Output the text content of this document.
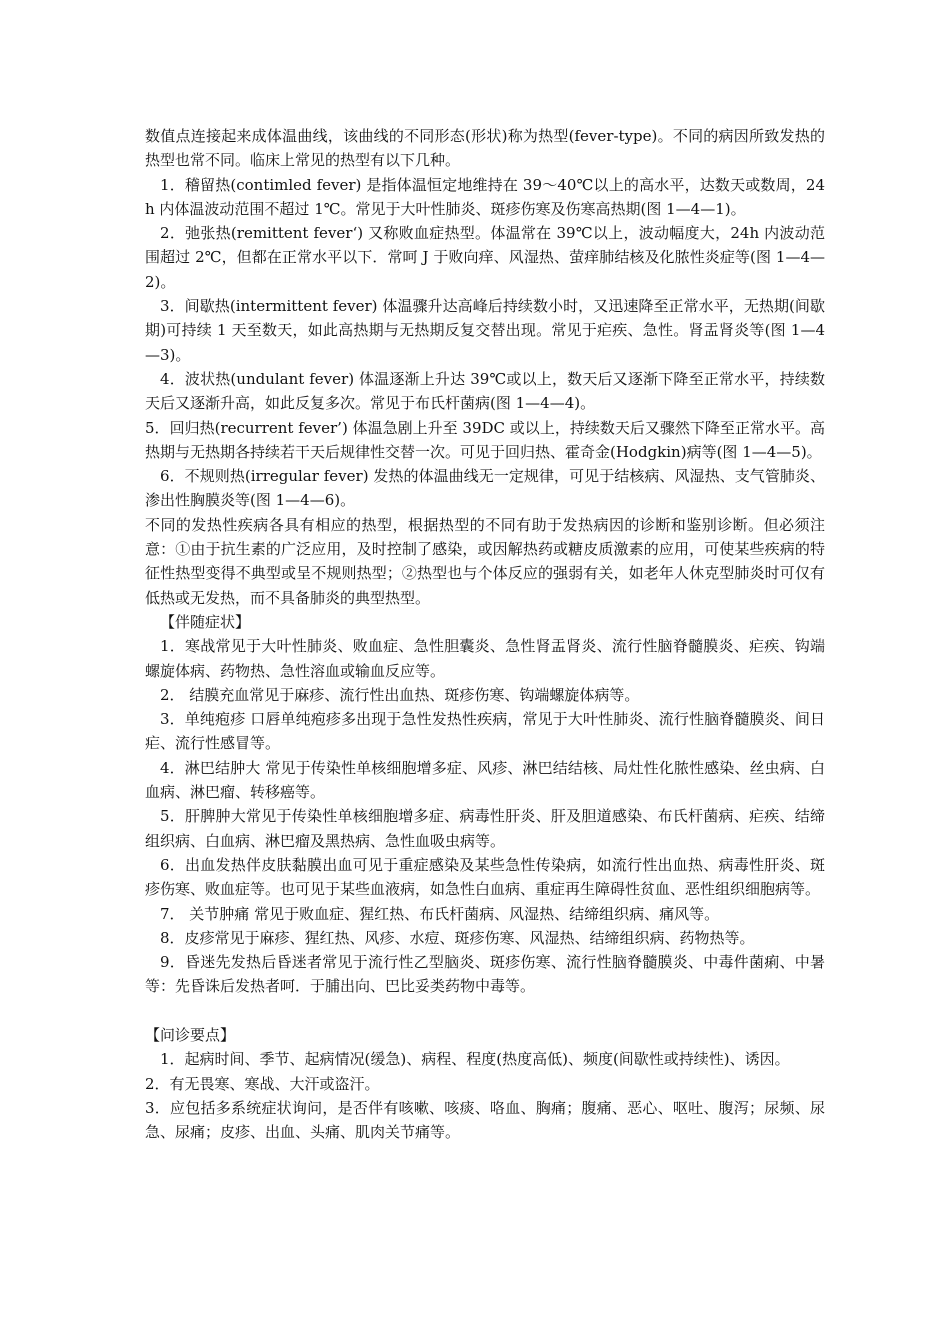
数值点连接起来成体温曲线，该曲线的不同形态(形状)称为热型(fever-type)。不同的病因所致发热的热型也常不同。临床上常见的热型有以下几种。

1．稽留热(contimled fever) 是指体温恒定地维持在 39～40℃以上的高水平，达数天或数周，24h 内体温波动范围不超过 1℃。常见于大叶性肺炎、斑疹伤寒及伤寒高热期(图 1—4—1)。

2．弛张热(remittent fever‘) 又称败血症热型。体温常在 39℃以上，波动幅度大，24h 内波动范围超过 2℃，但都在正常水平以下．常呵 J 于败向痒、风湿热、萤痒肺结核及化脓性炎症等(图 1—4—2)。

3．间歇热(intermittent fever) 体温骤升达高峰后持续数小时，又迅速降至正常水平，无热期(间歇期)可持续 1 天至数天，如此高热期与无热期反复交替出现。常见于疟疾、急性。肾盂肾炎等(图 1—4—3)。

4．波状热(undulant fever) 体温逐渐上升达 39℃或以上，数天后又逐渐下降至正常水平，持续数天后又逐渐升高，如此反复多次。常见于布氏杆菌病(图 1—4—4)。

5．回归热(recurrent fever’) 体温急剧上升至 39DC 或以上，持续数天后又骤然下降至正常水平。高热期与无热期各持续若干天后规律性交替一次。可见于回归热、霍奇金(Hodgkin)病等(图 1—4—5)。

6．不规则热(irregular fever) 发热的体温曲线无一定规律，可见于结核病、风湿热、支气管肺炎、渗出性胸膜炎等(图 1—4—6)。

不同的发热性疾病各具有相应的热型，根据热型的不同有助于发热病因的诊断和鉴别诊断。但必须注意：①由于抗生素的广泛应用，及时控制了感染，或因解热药或糖皮质激素的应用，可使某些疾病的特征性热型变得不典型或呈不规则热型；②热型也与个体反应的强弱有关，如老年人休克型肺炎时可仅有低热或无发热，而不具备肺炎的典型热型。

【伴随症状】

1．寒战常见于大叶性肺炎、败血症、急性胆囊炎、急性肾盂肾炎、流行性脑脊髓膜炎、疟疾、钩端螺旋体病、药物热、急性溶血或输血反应等。

2． 结膜充血常见于麻疹、流行性出血热、斑疹伤寒、钩端螺旋体病等。

3．单纯疱疹 口唇单纯疱疹多出现于急性发热性疾病，常见于大叶性肺炎、流行性脑脊髓膜炎、间日疟、流行性感冒等。

4．淋巴结肿大 常见于传染性单核细胞增多症、风疹、淋巴结结核、局灶性化脓性感染、丝虫病、白血病、淋巴瘤、转移癌等。

5．肝脾肿大常见于传染性单核细胞增多症、病毒性肝炎、肝及胆道感染、布氏杆菌病、疟疾、结缔组织病、白血病、淋巴瘤及黑热病、急性血吸虫病等。

6．出血发热伴皮肤黏膜出血可见于重症感染及某些急性传染病，如流行性出血热、病毒性肝炎、斑疹伤寒、败血症等。也可见于某些血液病，如急性白血病、重症再生障碍性贫血、恶性组织细胞病等。

7． 关节肿痛 常见于败血症、猩红热、布氏杆菌病、风湿热、结缔组织病、痛风等。

8．皮疹常见于麻疹、猩红热、风疹、水痘、斑疹伤寒、风湿热、结缔组织病、药物热等。

9．昏迷先发热后昏迷者常见于流行性乙型脑炎、斑疹伤寒、流行性脑脊髓膜炎、中毒件菌痢、中暑等：先昏诛后发热者呵．于脯出向、巴比妥类药物中毒等。

【问诊要点】

1．起病时间、季节、起病情况(缓急)、病程、程度(热度高低)、频度(间歇性或持续性)、诱因。

2．有无畏寒、寒战、大汗或盗汗。

3．应包括多系统症状询问，是否伴有咳嗽、咳痰、咯血、胸痛；腹痛、恶心、呕吐、腹泻；尿频、尿急、尿痛；皮疹、出血、头痛、肌肉关节痛等。
